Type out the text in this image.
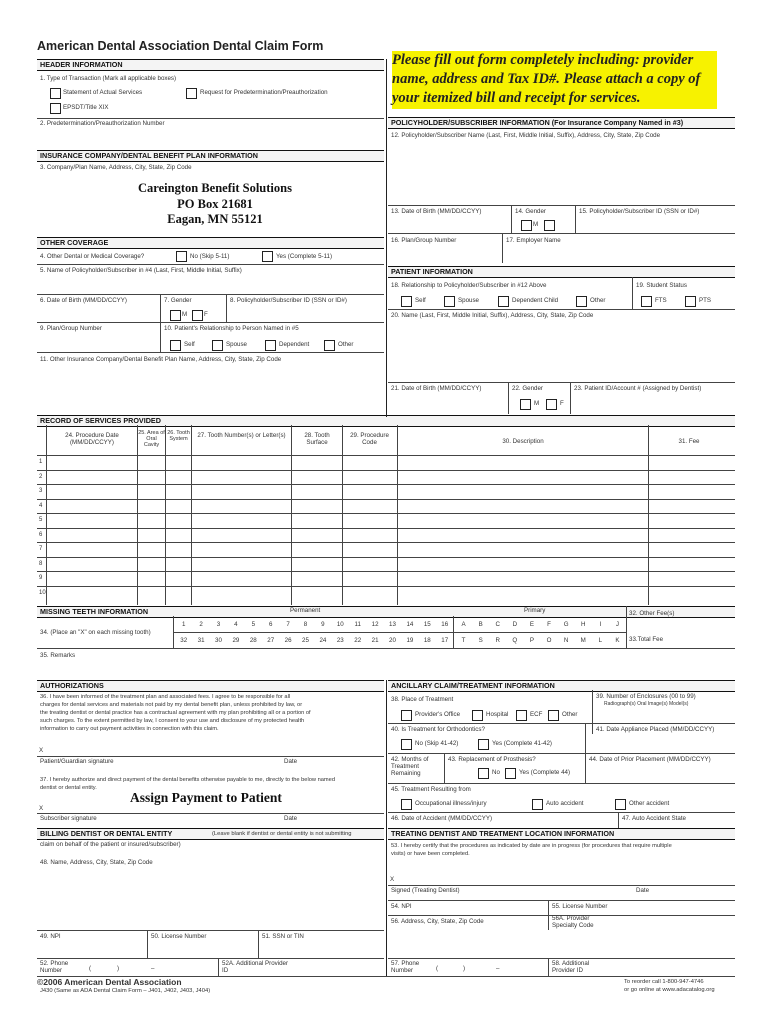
American Dental Association Dental Claim Form
Please fill out form completely including: provider
name, address and Tax ID#. Please attach a copy of
your itemized bill and receipt for services.
HEADER INFORMATION
1. Type of Transaction (Mark all applicable boxes)
Statement of Actual Services	Request for Predetermination/Preauthorization
EPSDT/Title XIX
2. Predetermination/Preauthorization Number
INSURANCE COMPANY/DENTAL BENEFIT PLAN INFORMATION
3. Company/Plan Name, Address, City, State, Zip Code
Careington Benefit Solutions
PO Box 21681
Eagan, MN 55121
OTHER COVERAGE
4. Other Dental or Medical Coverage?	No (Skip 5-11)	Yes (Complete 5-11)
5. Name of Policyholder/Subscriber in #4 (Last, First, Middle Initial, Suffix)
6. Date of Birth (MM/DD/CCYY)	7. Gender
M	F
8. Policyholder/Subscriber ID (SSN or ID#)
9. Plan/Group Number	10. Patient's Relationship to Person Named in #5
Self	Spouse	Dependent	Other
11. Other Insurance Company/Dental Benefit Plan Name, Address, City, State, Zip Code
POLICYHOLDER/SUBSCRIBER INFORMATION (For Insurance Company Named in #3)
12. Policyholder/Subscriber Name (Last, First, Middle Initial, Suffix), Address, City, State, Zip Code
13. Date of Birth (MM/DD/CCYY)	14. Gender
M
15. Policyholder/Subscriber ID (SSN or ID#)
16. Plan/Group Number	17. Employer Name
PATIENT INFORMATION
18. Relationship to Policyholder/Subscriber in #12 Above	19. Student Status
Self	Spouse	Dependent Child	Other	FTS	PTS
20. Name (Last, First, Middle Initial, Suffix), Address, City, State, Zip Code
21. Date of Birth (MM/DD/CCYY)	22. Gender
M	F
23. Patient ID/Account # (Assigned by Dentist)
RECORD OF SERVICES PROVIDED
24. Procedure Date (MM/DD/CCYY)
25. Area of Oral Cavity
26. Tooth System
27. Tooth Number(s) or Letter(s)	28. Tooth Surface
29. Procedure Code	30. Description	31. Fee
1
2
3
4
5
6
7
8
9
10
MISSING TEETH INFORMATION	Permanent	Primary
34. (Place an "X" on each missing tooth)
1	2	3	4	5	6	7	8	9	10	11	12	13	14	15	16
32	31	30	29	28	27	26	25	24	23	22	21	20	19	18	17
A	B	C	D	E	F	G	H	I	J
T	S	R	Q	P	O	N	M	L	K
32. Other Fee(s)
33.Total Fee
35. Remarks
AUTHORIZATIONS
36. I have been informed of the treatment plan and associated fees. I agree to be responsible for all
charges for dental services and materials not paid by my dental benefit plan, unless prohibited by law, or
the treating dentist or dental practice has a contractual agreement with my plan prohibiting all or a portion of
such charges. To the extent permitted by law, I consent to your use and disclosure of my protected health
information to carry out payment activities in connection with this claim.
X
Patient/Guardian signature	Date
37. I hereby authorize and direct payment of the dental benefits otherwise payable to me, directly to the below named
dentist or dental entity.
Assign Payment to Patient
X
Subscriber signature	Date
BILLING DENTIST OR DENTAL ENTITY	(Leave blank if dentist or dental entity is not submitting
claim on behalf of the patient or insured/subscriber)
48. Name, Address, City, State, Zip Code
49. NPI	50. License Number	51. SSN or TIN
52. Phone Number	(	)	–
52A. Additional Provider ID
ANCILLARY CLAIM/TREATMENT INFORMATION
38. Place of Treatment	39. Number of Enclosures (00 to 99)
Radiograph(s) Oral Image(s) Model(s)
Provider's Office	Hospital	ECF	Other
40. Is Treatment for Orthodontics?	41. Date Appliance Placed (MM/DD/CCYY)
No (Skip 41-42)	Yes (Complete 41-42)
42. Months of Treatment Remaining
43. Replacement of Prosthesis?
No	Yes (Complete 44)
44. Date of Prior Placement (MM/DD/CCYY)
45. Treatment Resulting from
Occupational illness/injury	Auto accident	Other accident
46. Date of Accident (MM/DD/CCYY)	47. Auto Accident State
TREATING DENTIST AND TREATMENT LOCATION INFORMATION
53. I hereby certify that the procedures as indicated by date are in progress (for procedures that require multiple
visits) or have been completed.
X
Signed (Treating Dentist)	Date
54. NPI	55. License Number
56. Address, City, State, Zip Code	56A. Provider Specialty Code
57. Phone Number	(	)	–
58. Additional Provider ID
©2006 American Dental Association
J430 (Same as ADA Dental Claim Form – J401, J402, J403, J404)
To reorder call 1-800-947-4746
or go online at www.adacatalog.org
